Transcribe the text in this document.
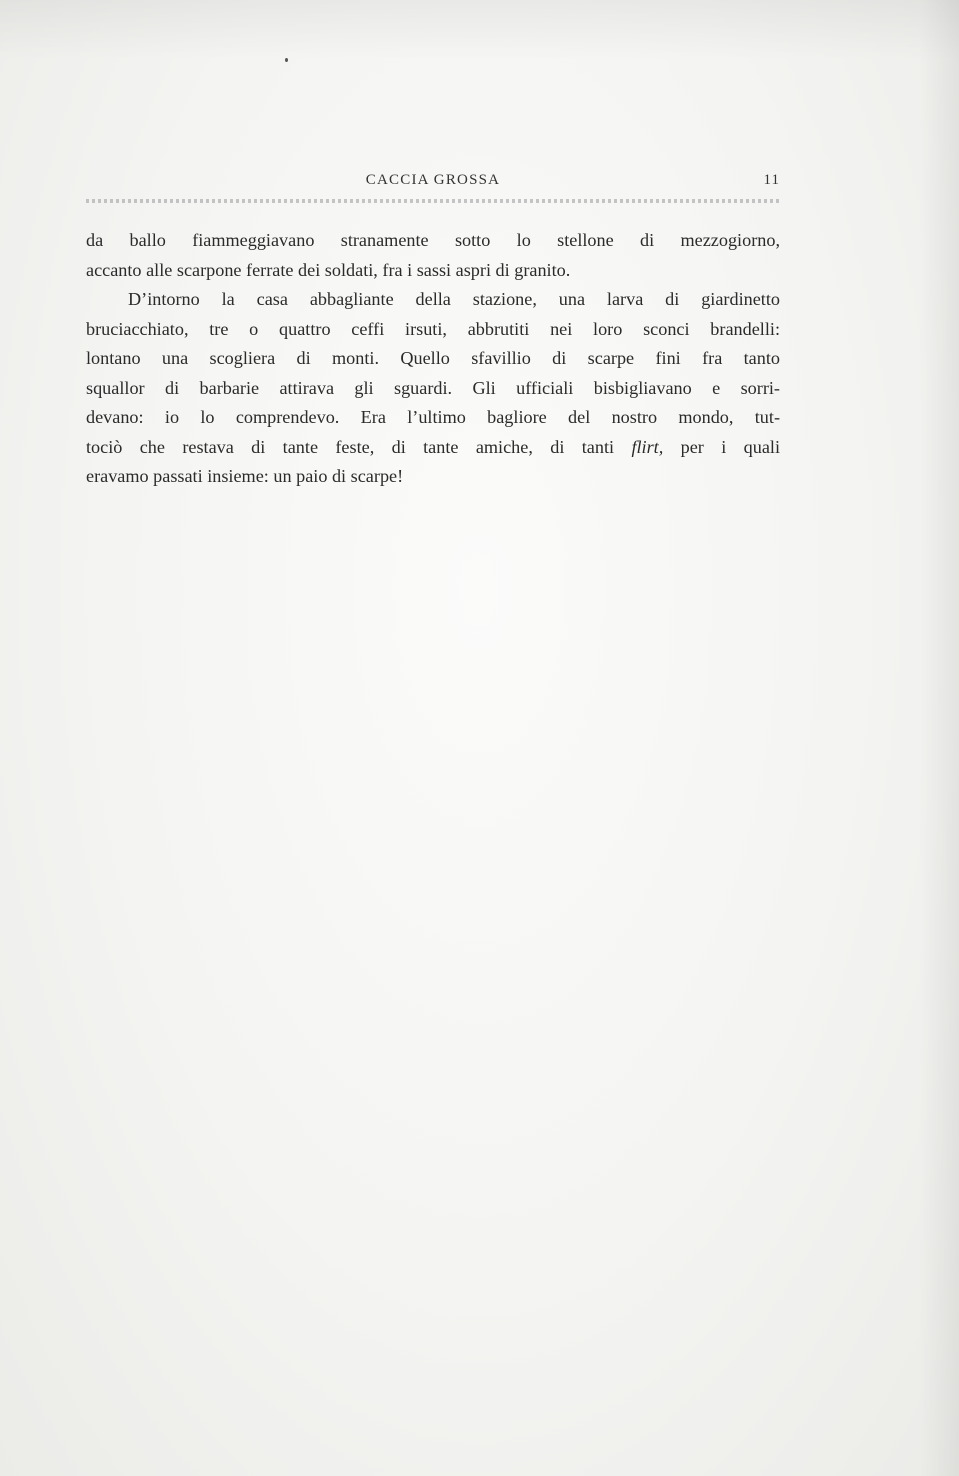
CACCIA GROSSA	11
da ballo fiammeggiavano stranamente sotto lo stellone di mezzogiorno,
accanto alle scarpone ferrate dei soldati, fra i sassi aspri di granito.
D’intorno la casa abbagliante della stazione, una larva di giardinetto
bruciacchiato, tre o quattro ceffi irsuti, abbrutiti nei loro sconci brandelli:
lontano una scogliera di monti. Quello sfavillio di scarpe fini fra tanto
squallor di barbarie attirava gli sguardi. Gli ufficiali bisbigliavano e sorri-
devano: io lo comprendevo. Era l’ultimo bagliore del nostro mondo, tut-
tociò che restava di tante feste, di tante amiche, di tanti flirt, per i quali
eravamo passati insieme: un paio di scarpe!
